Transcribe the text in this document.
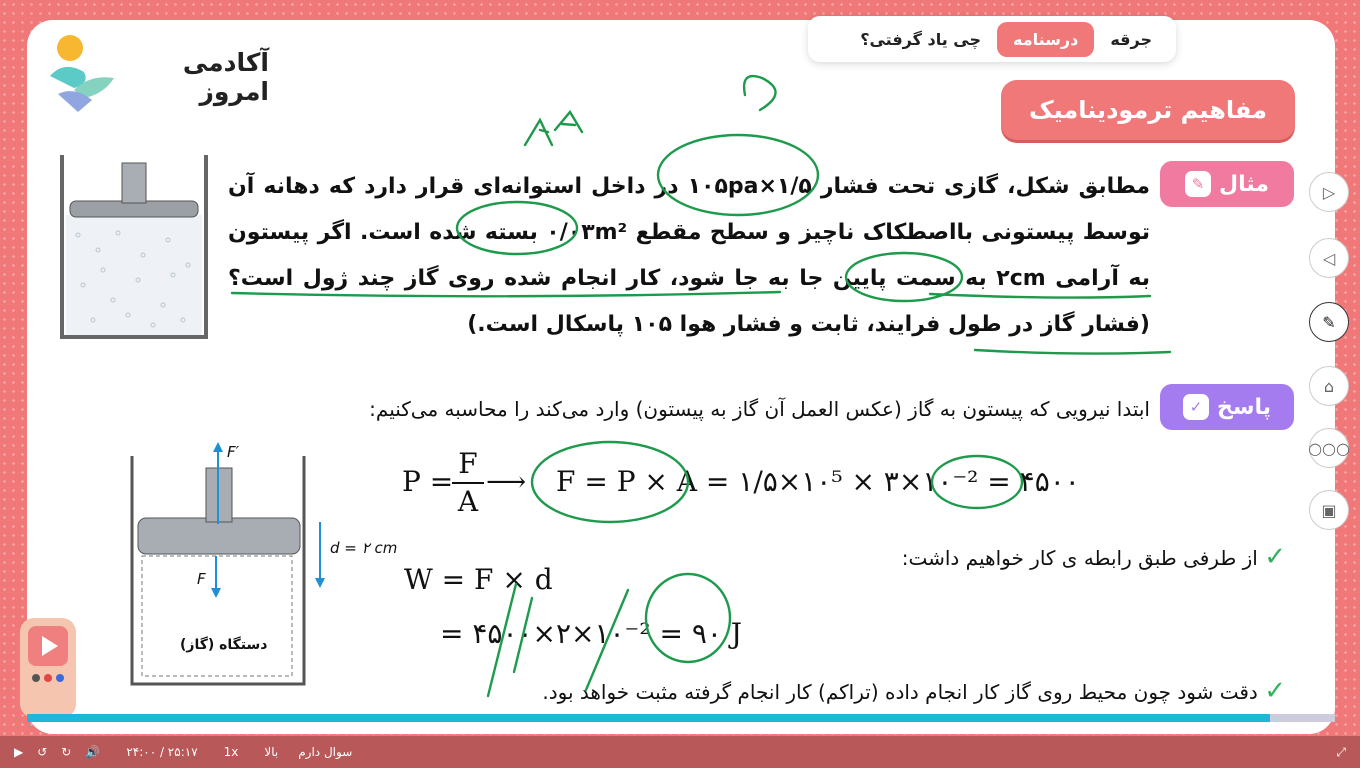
آکادمی امروز
جرقه
درسنامه
چی یاد گرفتی؟
مفاهیم ترمودینامیک
مثال
✎
مطابق شکل، گازی تحت فشار ۱/۵×۱۰۵pa در داخل استوانه‌ای قرار دارد که دهانه آن توسط پیستونی بااصطکاک ناچیز و سطح مقطع ۰/۰۳m² بسته شده است. اگر پیستون به آرامی ۲cm به سمت پایین جا به جا شود، کار انجام شده روی گاز چند ژول است؟ (فشار گاز در طول فرایند، ثابت و فشار هوا ۱۰۵ پاسکال است.)
پاسخ
✓
ابتدا نیرویی که پیستون به گاز (عکس العمل آن گاز به پیستون) وارد می‌کند را محاسبه می‌کنیم:
F′
F
d = ۲ cm
دستگاه (گاز)
P =
$\frac{F}{A}$ ⟶ F = P × A = ۱/۵×۱۰⁵ × ۳×۱۰⁻² = ۴۵۰۰
✓ از طرفی طبق رابطه ی کار خواهیم داشت:
W = F × d
= ۴۵۰۰×۲×۱۰⁻² = ۹۰ J
✓ دقت شود چون محیط روی گاز کار انجام داده (تراکم) کار انجام گرفته مثبت خواهد بود.
▷
◁
✎
⌂
○○○
▣
▶ ↺ ↻ 🔊 ۲۴:۰۰ / ۲۵:۱۷ 1x بالا سوال دارم	⤢
